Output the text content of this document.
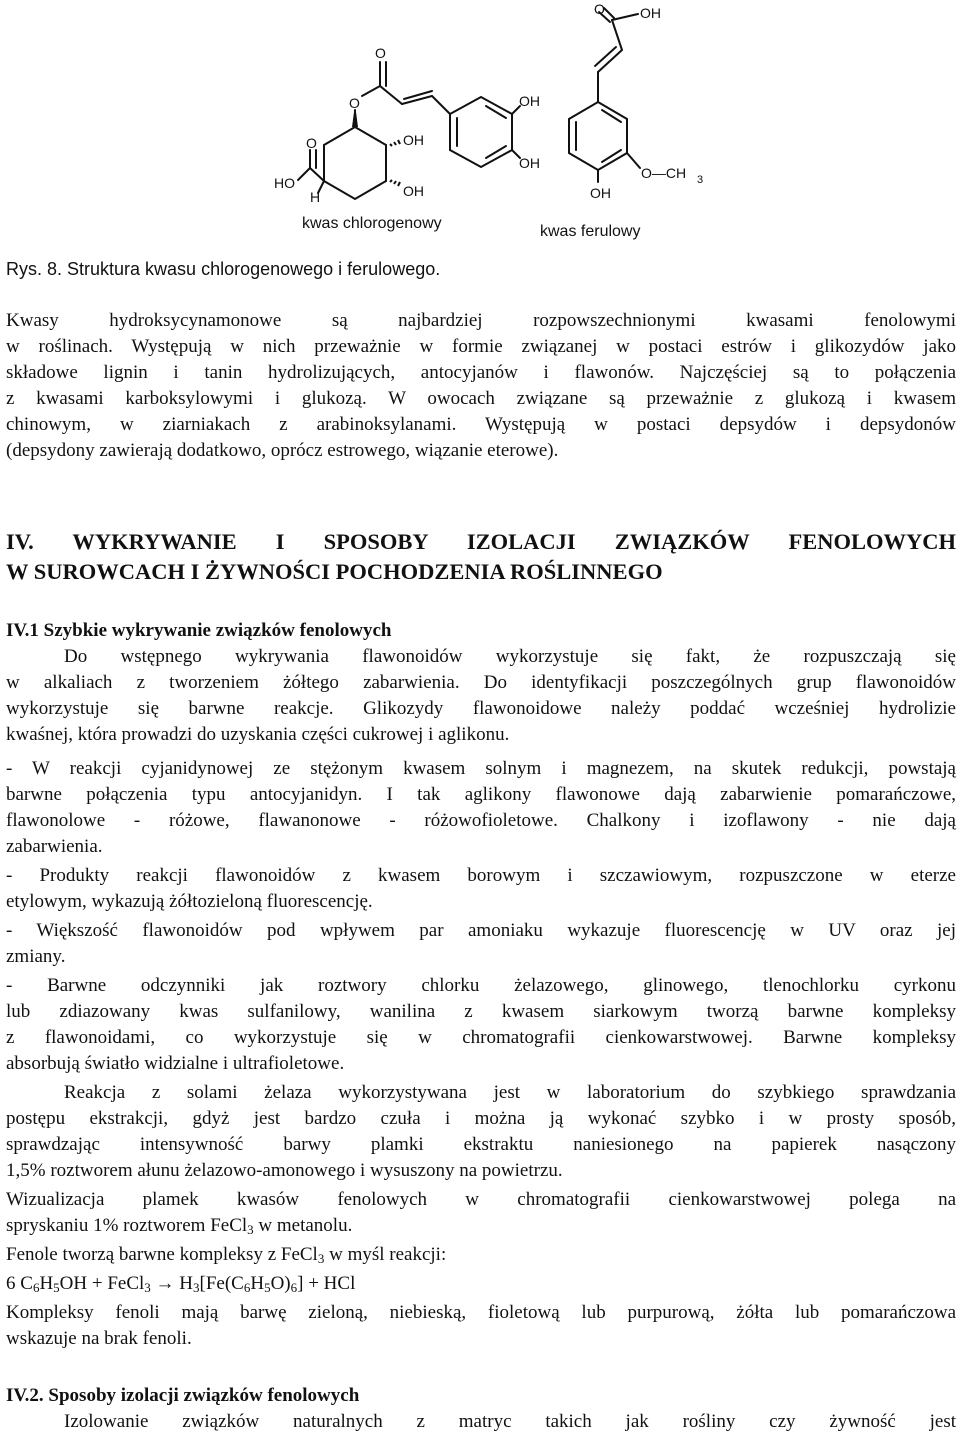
O
O
OH
OH
OH
OH
O
HO
H
kwas chlorogenowy
O	OH
O—CH 3
OH
kwas ferulowy
Rys. 8. Struktura kwasu chlorogenowego i ferulowego.
Kwasy hydroksycynamonowe są najbardziej rozpowszechnionymi kwasami fenolowymi
w roślinach. Występują w nich przeważnie w formie związanej w postaci estrów i glikozydów jako
składowe lignin i tanin hydrolizujących, antocyjanów i flawonów. Najczęściej są to połączenia
z kwasami karboksylowymi i glukozą. W owocach związane są przeważnie z glukozą i kwasem
chinowym, w ziarniakach z arabinoksylanami. Występują w postaci depsydów i depsydonów
(depsydony zawierają dodatkowo, oprócz estrowego, wiązanie eterowe).
IV. WYKRYWANIE I SPOSOBY IZOLACJI ZWIĄZKÓW FENOLOWYCH
W SUROWCACH I ŻYWNOŚCI POCHODZENIA ROŚLINNEGO
IV.1 Szybkie wykrywanie związków fenolowych
Do wstępnego wykrywania flawonoidów wykorzystuje się fakt, że rozpuszczają się
w alkaliach z tworzeniem żółtego zabarwienia. Do identyfikacji poszczególnych grup flawonoidów
wykorzystuje się barwne reakcje. Glikozydy flawonoidowe należy poddać wcześniej hydrolizie
kwaśnej, która prowadzi do uzyskania części cukrowej i aglikonu.
- W reakcji cyjanidynowej ze stężonym kwasem solnym i magnezem, na skutek redukcji, powstają
barwne połączenia typu antocyjanidyn. I tak aglikony flawonowe dają zabarwienie pomarańczowe,
flawonolowe - różowe, flawanonowe - różowofioletowe. Chalkony i izoflawony - nie dają
zabarwienia.
- Produkty reakcji flawonoidów z kwasem borowym i szczawiowym, rozpuszczone w eterze
etylowym, wykazują żółtozieloną fluorescencję.
- Większość flawonoidów pod wpływem par amoniaku wykazuje fluorescencję w UV oraz jej
zmiany.
- Barwne odczynniki jak roztwory chlorku żelazowego, glinowego, tlenochlorku cyrkonu
lub zdiazowany kwas sulfanilowy, wanilina z kwasem siarkowym tworzą barwne kompleksy
z flawonoidami, co wykorzystuje się w chromatografii cienkowarstwowej. Barwne kompleksy
absorbują światło widzialne i ultrafioletowe.
Reakcja z solami żelaza wykorzystywana jest w laboratorium do szybkiego sprawdzania
postępu ekstrakcji, gdyż jest bardzo czuła i można ją wykonać szybko i w prosty sposób,
sprawdzając intensywność barwy plamki ekstraktu naniesionego na papierek nasączony
1,5% roztworem ałunu żelazowo-amonowego i wysuszony na powietrzu.
Wizualizacja plamek kwasów fenolowych w chromatografii cienkowarstwowej polega na
spryskaniu 1% roztworem FeCl$_3$ w metanolu.
Fenole tworzą barwne kompleksy z FeCl$_3$ w myśl reakcji:
6 $C_6H_5OH$ + FeCl$_3$ → $H_3[Fe(C_6H_5O)_6]$ + HCl
Kompleksy fenoli mają barwę zieloną, niebieską, fioletową lub purpurową, żółta lub pomarańczowa
wskazuje na brak fenoli.
IV.2. Sposoby izolacji związków fenolowych
Izolowanie związków naturalnych z matryc takich jak rośliny czy żywność jest
